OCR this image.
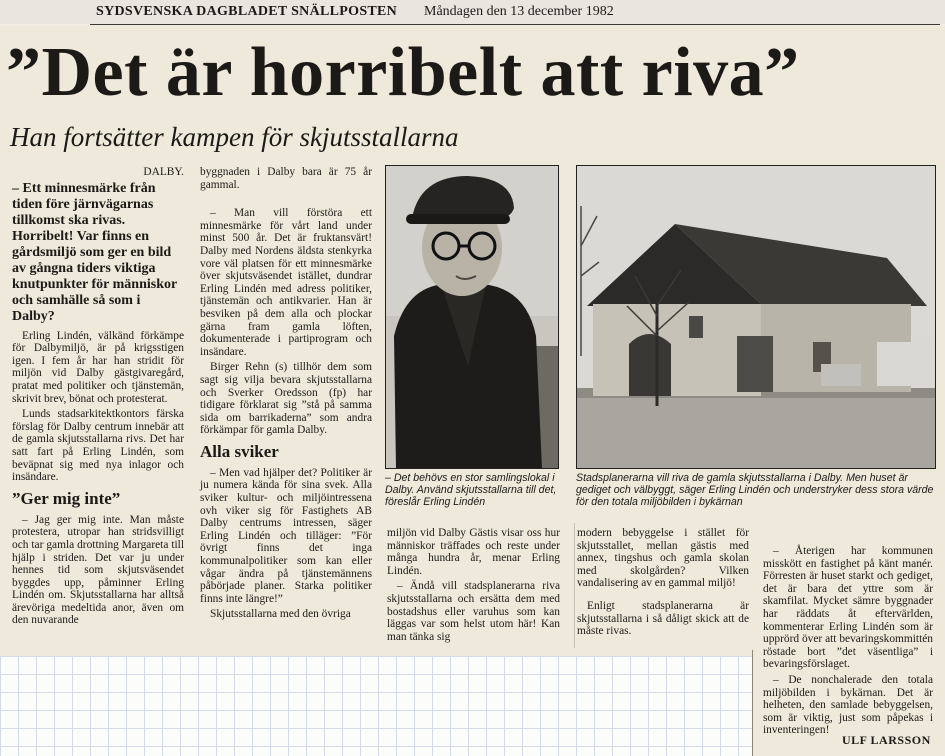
SYDSVENSKA DAGBLADET SNÄLLPOSTEN Måndagen den 13 december 1982
”Det är horribelt att riva”
Han fortsätter kampen för skjutsstallarna
DALBY.
– Ett minnesmärke från tiden före järnvägarnas tillkomst ska rivas. Horribelt! Var finns en gårdsmiljö som ger en bild av gångna tiders viktiga knutpunkter för människor och samhälle så som i Dalby?

Erling Lindén, välkänd förkämpe för Dalbymiljö, är på krigsstigen igen. I fem år har han stridit för miljön vid Dalby gästgivaregård, pratat med politiker och tjänstemän, skrivit brev, bönat och protesterat.

Lunds stadsarkitektkontors färska förslag för Dalby centrum innebär att de gamla skjutsstallarna rivs. Det har satt fart på Erling Lindén, som beväpnat sig med nya inlagor och insändare.

”Ger mig inte”

– Jag ger mig inte. Man måste protestera, utropar han stridsvilligt och tar gamla drottning Margareta till hjälp i striden. Det var ju under hennes tid som skjutsväsendet byggdes upp, påminner Erling Lindén om. Skjutsstallarna har alltså ärevöriga medeltida anor, även om den nuvarande

byggnaden i Dalby bara är 75 år gammal.

– Man vill förstöra ett minnesmärke för vårt land under minst 500 år. Det är fruktansvärt! Dalby med Nordens äldsta stenkyrka vore väl platsen för ett minnesmärke över skjutsväsendet istället, dundrar Erling Lindén med adress politiker, tjänstemän och antikvarier. Han är besviken på dem alla och plockar gärna fram gamla löften, dokumenterade i partiprogram och insändare.

Birger Rehn (s) tillhör dem som sagt sig vilja bevara skjutsstallarna och Sverker Oredsson (fp) har tidigare förklarat sig ”stå på samma sida om barrikaderna” som andra förkämpar för gamla Dalby.

Alla sviker

– Men vad hjälper det? Politiker är ju numera kända för sina svek. Alla sviker kultur- och miljöintressena ovh viker sig för Fastighets AB Dalby centrums intressen, säger Erling Lindén och tilläger: ”För övrigt finns det inga kommunalpolitiker som kan eller vågar ändra på tjänstemännens påbörjade planer. Starka politiker finns inte längre!”

Skjutsstallarna med den övriga

– Det behövs en stor samlingslokal i Dalby. Använd skjutsstallarna till det, föreslår Erling Lindén
Stadsplanerarna vill riva de gamla skjutsstallarna i Dalby. Men huset är gediget och välbyggt, säger Erling Lindén och understryker dess stora värde för den totala miljöbilden i bykärnan

miljön vid Dalby Gästis visar oss hur människor träffades och reste under många hundra år, menar Erling Lindén.

– Ändå vill stadsplanerarna riva skjutsstallarna och ersätta dem med bostadshus eller varuhus som kan läggas var som helst utom här! Kan man tänka sig

modern bebyggelse i stället för skjutsstallet, mellan gästis med annex, tingshus och gamla skolan med skolgården? Vilken vandalisering av en gammal miljö!

Enligt stadsplanerarna är skjutsstallarna i så dåligt skick att de måste rivas.

– Återigen har kommunen misskött en fastighet på känt manér. Förresten är huset starkt och gediget, det är bara det yttre som är skamfilat. Mycket sämre byggnader har räddats åt eftervärlden, kommenterar Erling Lindén som är upprörd över att bevaringskommittén röstade bort ”det väsentliga” i bevaringsförslaget.

– De nonchalerade den totala miljöbilden i bykärnan. Det är helheten, den samlade bebyggelsen, som är viktig, just som påpekas i inventeringen!

ULF LARSSON
